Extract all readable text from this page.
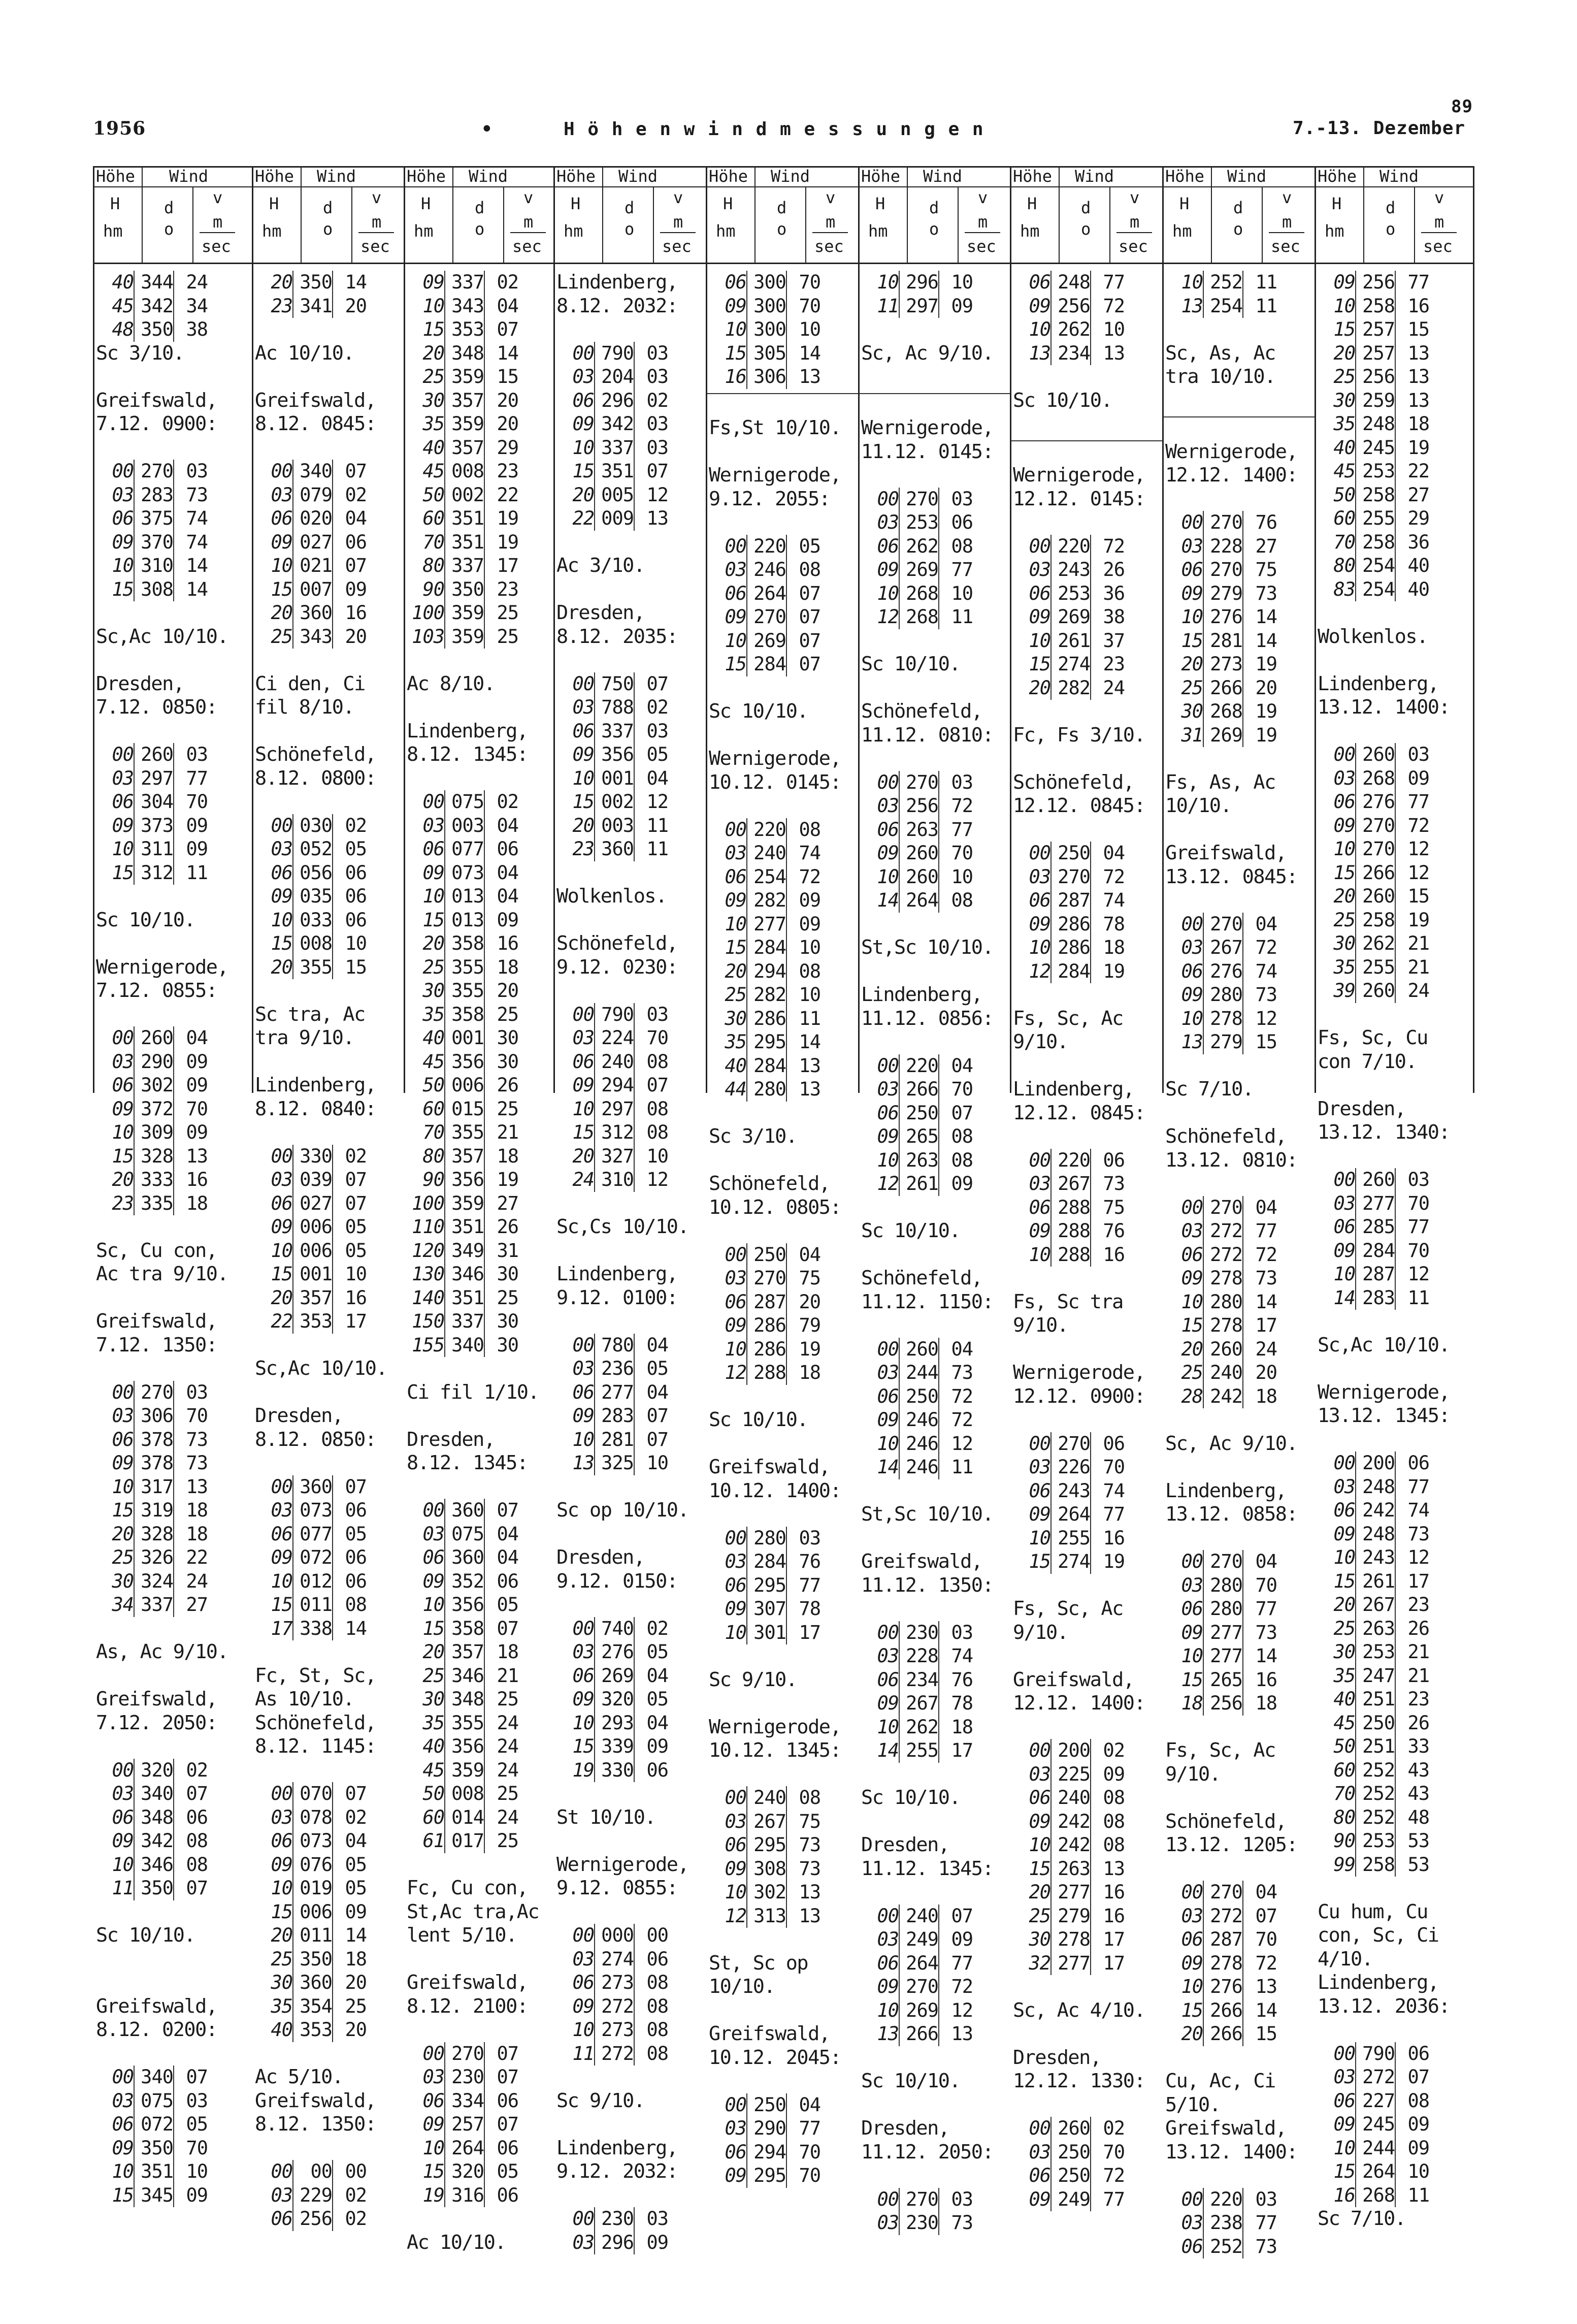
1956	•	H ö h e n w i n d m e s s u n g e n
89
7.-13. Dezember
Höhe Wind
H
hm
d
o
v
m
sec
40 344 24
45 342 34
48 350 38
Sc 3/10.
Greifswald,
7.12. 0900:
00 270 03
03 283 73
06 375 74
09 370 74
10 310 14
15 308 14
Sc,Ac 10/10.
Dresden,
7.12. 0850:
00 260 03
03 297 77
06 304 70
09 373 09
10 311 09
15 312 11
Sc 10/10.
Wernigerode,
7.12. 0855:
00 260 04
03 290 09
06 302 09
09 372 70
10 309 09
15 328 13
20 333 16
23 335 18
Sc, Cu con,
Ac tra 9/10.
Greifswald,
7.12. 1350:
00 270 03
03 306 70
06 378 73
09 378 73
10 317 13
15 319 18
20 328 18
25 326 22
30 324 24
34 337 27
As, Ac 9/10.
Greifswald,
7.12. 2050:
00 320 02
03 340 07
06 348 06
09 342 08
10 346 08
11 350 07
Sc 10/10.
Greifswald,
8.12. 0200:
00 340 07
03 075 03
06 072 05
09 350 70
10 351 10
15 345 09
Höhe Wind
H
hm
d
o
v
m
sec
20 350 14
23 341 20
Ac 10/10.
Greifswald,
8.12. 0845:
00 340 07
03 079 02
06 020 04
09 027 06
10 021 07
15 007 09
20 360 16
25 343 20
Ci den, Ci
fil 8/10.
Schönefeld,
8.12. 0800:
00 030 02
03 052 05
06 056 06
09 035 06
10 033 06
15 008 10
20 355 15
Sc tra, Ac
tra 9/10.
Lindenberg,
8.12. 0840:
00 330 02
03 039 07
06 027 07
09 006 05
10 006 05
15 001 10
20 357 16
22 353 17
Sc,Ac 10/10.
Dresden,
8.12. 0850:
00 360 07
03 073 06
06 077 05
09 072 06
10 012 06
15 011 08
17 338 14
Fc, St, Sc,
As 10/10.
Schönefeld,
8.12. 1145:
00 070 07
03 078 02
06 073 04
09 076 05
10 019 05
15 006 09
20 011 14
25 350 18
30 360 20
35 354 25
40 353 20
Ac 5/10.
Greifswald,
8.12. 1350:
00 00 00
03 229 02
06 256 02
Höhe Wind
H
hm
d
o
v
m
sec
09 337 02
10 343 04
15 353 07
20 348 14
25 359 15
30 357 20
35 359 20
40 357 29
45 008 23
50 002 22
60 351 19
70 351 19
80 337 17
90 350 23
100 359 25
103 359 25
Ac 8/10.
Lindenberg,
8.12. 1345:
00 075 02
03 003 04
06 077 06
09 073 04
10 013 04
15 013 09
20 358 16
25 355 18
30 355 20
35 358 25
40 001 30
45 356 30
50 006 26
60 015 25
70 355 21
80 357 18
90 356 19
100 359 27
110 351 26
120 349 31
130 346 30
140 351 25
150 337 30
155 340 30
Ci fil 1/10.
Dresden,
8.12. 1345:
00 360 07
03 075 04
06 360 04
09 352 06
10 356 05
15 358 07
20 357 18
25 346 21
30 348 25
35 355 24
40 356 24
45 359 24
50 008 25
60 014 24
61 017 25
Fc, Cu con,
St,Ac tra,Ac
lent 5/10.
Greifswald,
8.12. 2100:
00 270 07
03 230 07
06 334 06
09 257 07
10 264 06
15 320 05
19 316 06
Ac 10/10.
Höhe Wind
H
hm
d
o
v
m
sec
Lindenberg,
8.12. 2032:
00 790 03
03 204 03
06 296 02
09 342 03
10 337 03
15 351 07
20 005 12
22 009 13
Ac 3/10.
Dresden,
8.12. 2035:
00 750 07
03 788 02
06 337 03
09 356 05
10 001 04
15 002 12
20 003 11
23 360 11
Wolkenlos.
Schönefeld,
9.12. 0230:
00 790 03
03 224 70
06 240 08
09 294 07
10 297 08
15 312 08
20 327 10
24 310 12
Sc,Cs 10/10.
Lindenberg,
9.12. 0100:
00 780 04
03 236 05
06 277 04
09 283 07
10 281 07
13 325 10
Sc op 10/10.
Dresden,
9.12. 0150:
00 740 02
03 276 05
06 269 04
09 320 05
10 293 04
15 339 09
19 330 06
St 10/10.
Wernigerode,
9.12. 0855:
00 000 00
03 274 06
06 273 08
09 272 08
10 273 08
11 272 08
Sc 9/10.
Lindenberg,
9.12. 2032:
00 230 03
03 296 09
Höhe Wind
H
hm
d
o
v
m
sec
06 300 70
09 300 70
10 300 10
15 305 14
16 306 13
Fs,St 10/10.
Wernigerode,
9.12. 2055:
00 220 05
03 246 08
06 264 07
09 270 07
10 269 07
15 284 07
Sc 10/10.
Wernigerode,
10.12. 0145:
00 220 08
03 240 74
06 254 72
09 282 09
10 277 09
15 284 10
20 294 08
25 282 10
30 286 11
35 295 14
40 284 13
44 280 13
Sc 3/10.
Schönefeld,
10.12. 0805:
00 250 04
03 270 75
06 287 20
09 286 79
10 286 19
12 288 18
Sc 10/10.
Greifswald,
10.12. 1400:
00 280 03
03 284 76
06 295 77
09 307 78
10 301 17
Sc 9/10.
Wernigerode,
10.12. 1345:
00 240 08
03 267 75
06 295 73
09 308 73
10 302 13
12 313 13
St, Sc op
10/10.
Greifswald,
10.12. 2045:
00 250 04
03 290 77
06 294 70
09 295 70
Höhe Wind
H
hm
d
o
v
m
sec
10 296 10
11 297 09
Sc, Ac 9/10.
Wernigerode,
11.12. 0145:
00 270 03
03 253 06
06 262 08
09 269 77
10 268 10
12 268 11
Sc 10/10.
Schönefeld,
11.12. 0810:
00 270 03
03 256 72
06 263 77
09 260 70
10 260 10
14 264 08
St,Sc 10/10.
Lindenberg,
11.12. 0856:
00 220 04
03 266 70
06 250 07
09 265 08
10 263 08
12 261 09
Sc 10/10.
Schönefeld,
11.12. 1150:
00 260 04
03 244 73
06 250 72
09 246 72
10 246 12
14 246 11
St,Sc 10/10.
Greifswald,
11.12. 1350:
00 230 03
03 228 74
06 234 76
09 267 78
10 262 18
14 255 17
Sc 10/10.
Dresden,
11.12. 1345:
00 240 07
03 249 09
06 264 77
09 270 72
10 269 12
13 266 13
Sc 10/10.
Dresden,
11.12. 2050:
00 270 03
03 230 73
Höhe Wind
H
hm
d
o
v
m
sec
06 248 77
09 256 72
10 262 10
13 234 13
Sc 10/10.
Wernigerode,
12.12. 0145:
00 220 72
03 243 26
06 253 36
09 269 38
10 261 37
15 274 23
20 282 24
Fc, Fs 3/10.
Schönefeld,
12.12. 0845:
00 250 04
03 270 72
06 287 74
09 286 78
10 286 18
12 284 19
Fs, Sc, Ac
9/10.
Lindenberg,
12.12. 0845:
00 220 06
03 267 73
06 288 75
09 288 76
10 288 16
Fs, Sc tra
9/10.
Wernigerode,
12.12. 0900:
00 270 06
03 226 70
06 243 74
09 264 77
10 255 16
15 274 19
Fs, Sc, Ac
9/10.
Greifswald,
12.12. 1400:
00 200 02
03 225 09
06 240 08
09 242 08
10 242 08
15 263 13
20 277 16
25 279 16
30 278 17
32 277 17
Sc, Ac 4/10.
Dresden,
12.12. 1330:
00 260 02
03 250 70
06 250 72
09 249 77
Höhe Wind
H
hm
d
o
v
m
sec
10 252 11
13 254 11
Sc, As, Ac
tra 10/10.
Wernigerode,
12.12. 1400:
00 270 76
03 228 27
06 270 75
09 279 73
10 276 14
15 281 14
20 273 19
25 266 20
30 268 19
31 269 19
Fs, As, Ac
10/10.
Greifswald,
13.12. 0845:
00 270 04
03 267 72
06 276 74
09 280 73
10 278 12
13 279 15
Sc 7/10.
Schönefeld,
13.12. 0810:
00 270 04
03 272 77
06 272 72
09 278 73
10 280 14
15 278 17
20 260 24
25 240 20
28 242 18
Sc, Ac 9/10.
Lindenberg,
13.12. 0858:
00 270 04
03 280 70
06 280 77
09 277 73
10 277 14
15 265 16
18 256 18
Fs, Sc, Ac
9/10.
Schönefeld,
13.12. 1205:
00 270 04
03 272 07
06 287 70
09 278 72
10 276 13
15 266 14
20 266 15
Cu, Ac, Ci
5/10.
Greifswald,
13.12. 1400:
00 220 03
03 238 77
06 252 73
Höhe Wind
H
hm
d
o
v
m
sec
09 256 77
10 258 16
15 257 15
20 257 13
25 256 13
30 259 13
35 248 18
40 245 19
45 253 22
50 258 27
60 255 29
70 258 36
80 254 40
83 254 40
Wolkenlos.
Lindenberg,
13.12. 1400:
00 260 03
03 268 09
06 276 77
09 270 72
10 270 12
15 266 12
20 260 15
25 258 19
30 262 21
35 255 21
39 260 24
Fs, Sc, Cu
con 7/10.
Dresden,
13.12. 1340:
00 260 03
03 277 70
06 285 77
09 284 70
10 287 12
14 283 11
Sc,Ac 10/10.
Wernigerode,
13.12. 1345:
00 200 06
03 248 77
06 242 74
09 248 73
10 243 12
15 261 17
20 267 23
25 263 26
30 253 21
35 247 21
40 251 23
45 250 26
50 251 33
60 252 43
70 252 43
80 252 48
90 253 53
99 258 53
Cu hum, Cu
con, Sc, Ci
4/10.
Lindenberg,
13.12. 2036:
00 790 06
03 272 07
06 227 08
09 245 09
10 244 09
15 264 10
16 268 11
Sc 7/10.
